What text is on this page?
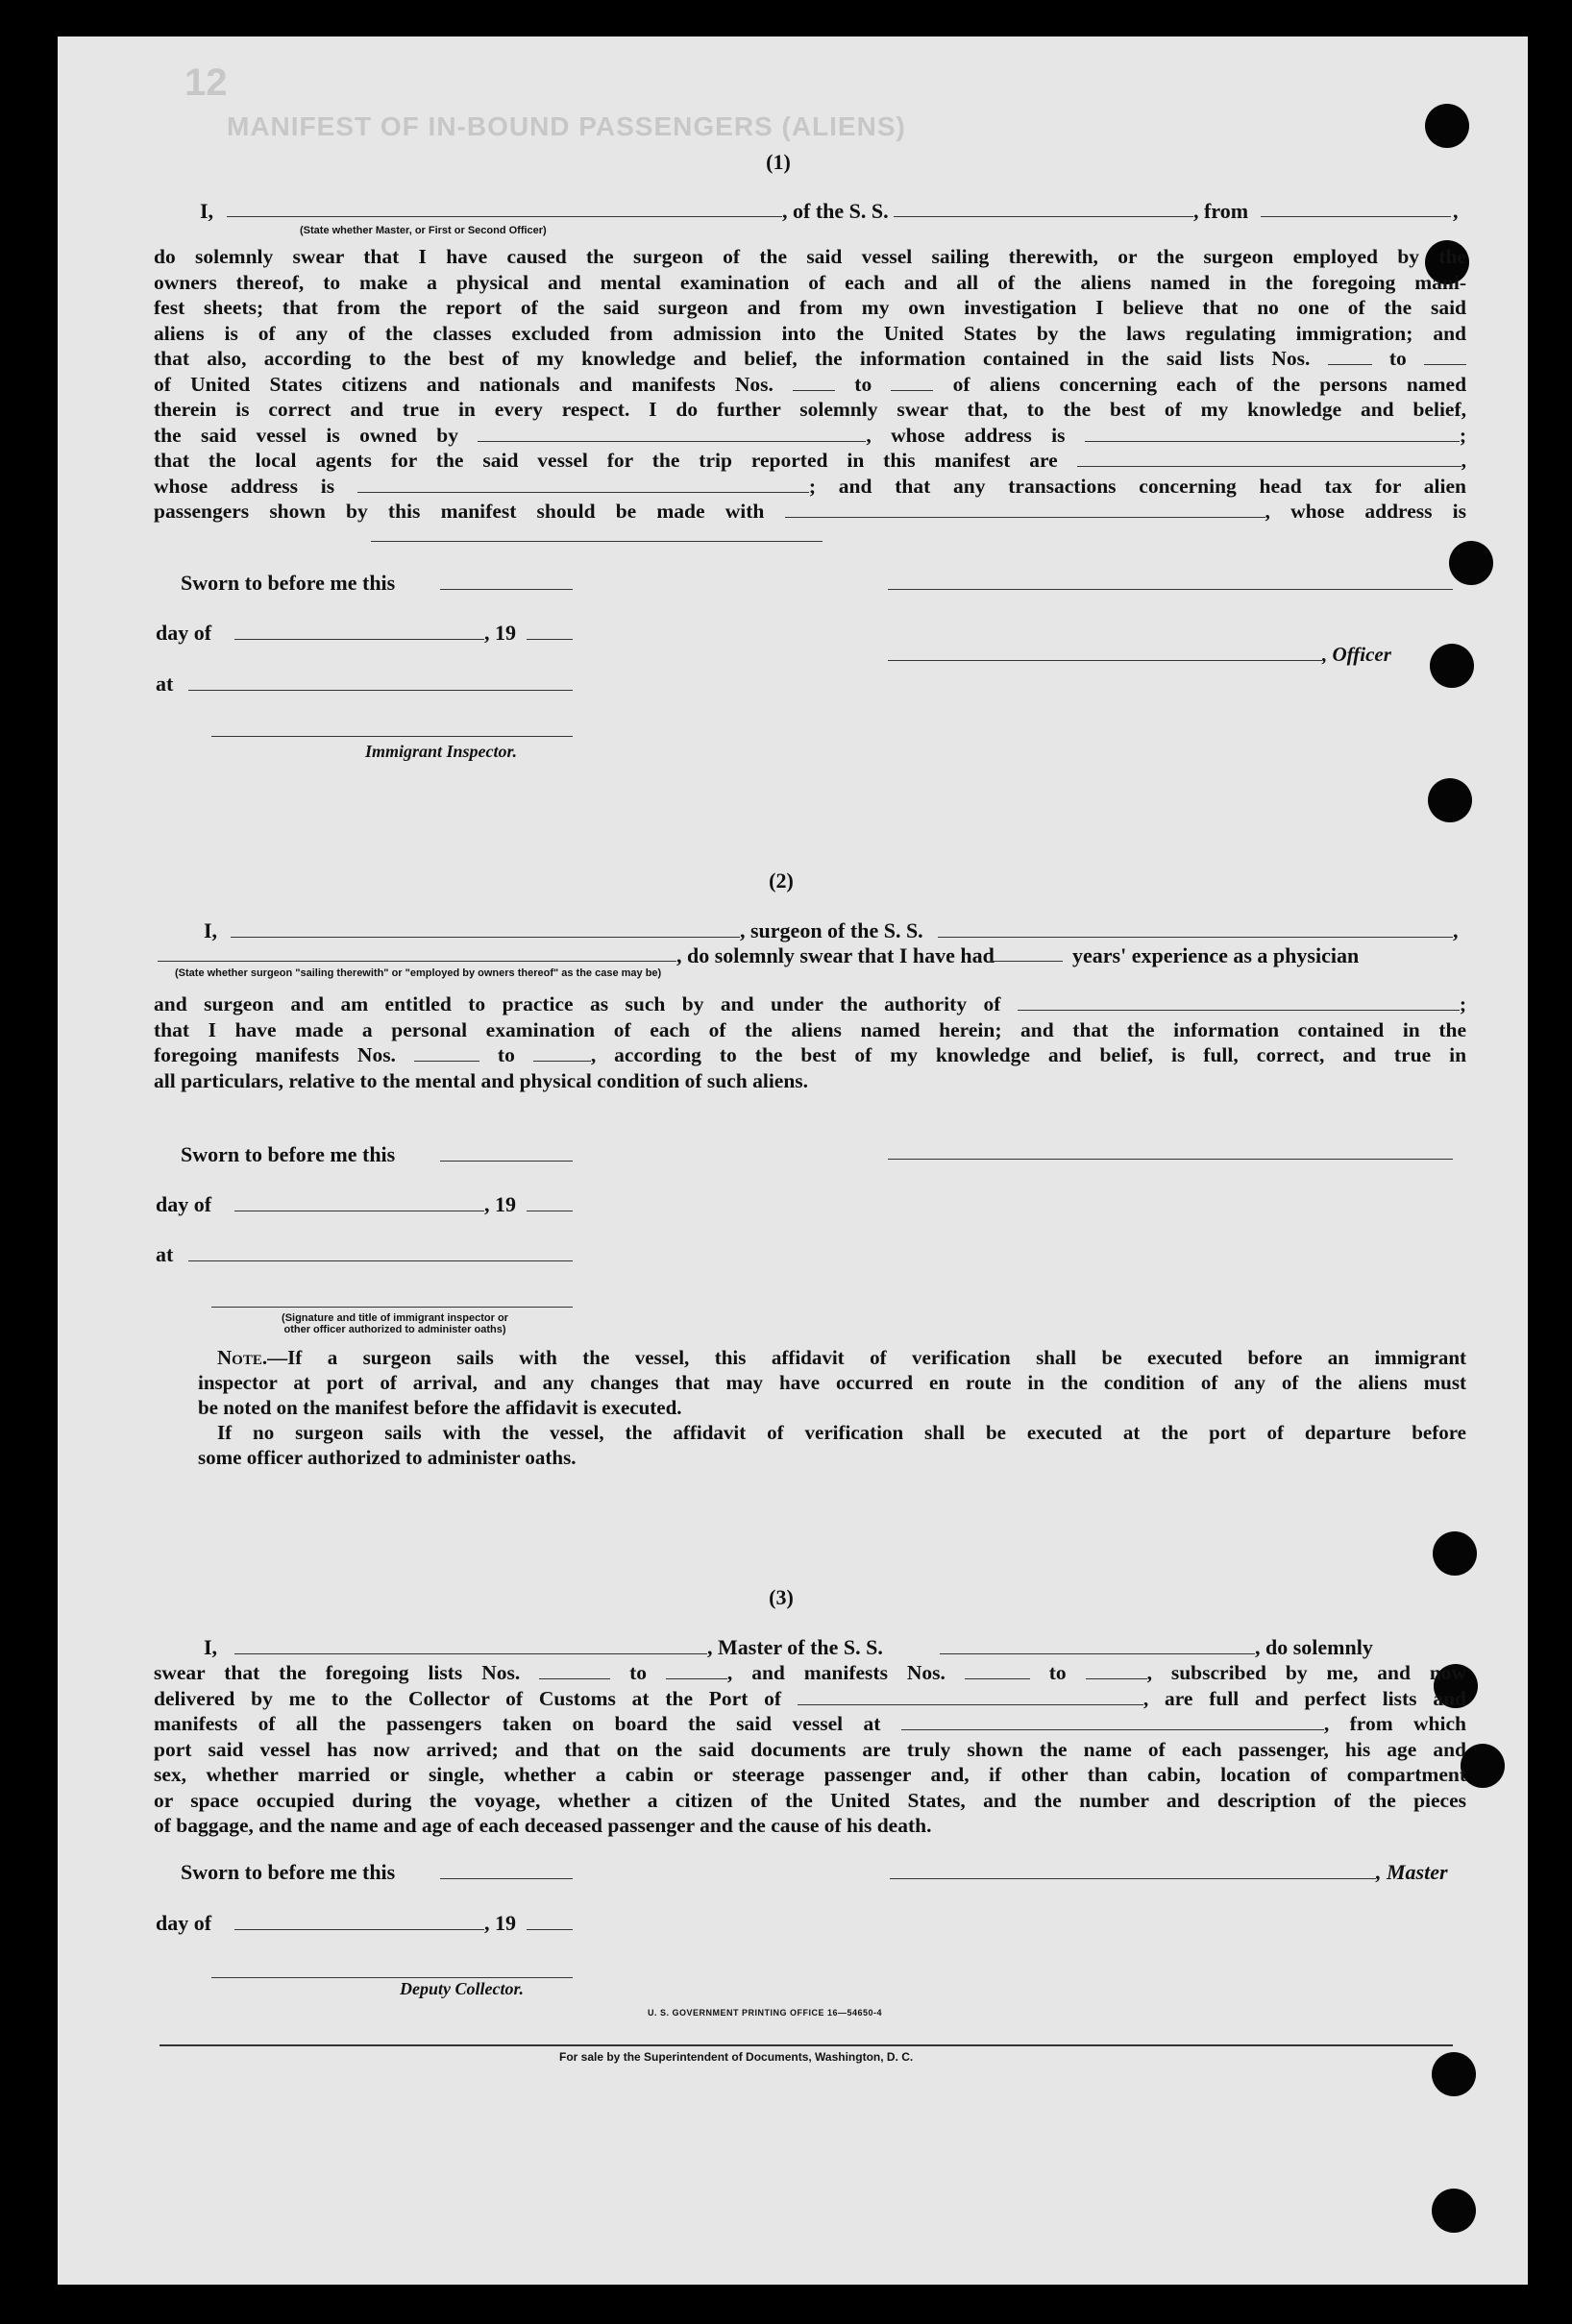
12
MANIFEST OF IN-BOUND PASSENGERS (ALIENS)
(1)
I,	, of the S. S.	, from	,
(State whether Master, or First or Second Officer)
do solemnly swear that I have caused the surgeon of the said vessel sailing therewith, or the surgeon employed by the
owners thereof, to make a physical and mental examination of each and all of the aliens named in the foregoing mani-
fest sheets; that from the report of the said surgeon and from my own investigation I believe that no one of the said
aliens is of any of the classes excluded from admission into the United States by the laws regulating immigration; and
that also, according to the best of my knowledge and belief, the information contained in the said lists Nos.	to
of United States citizens and nationals and manifests Nos.	to	of aliens concerning each of the persons named
therein is correct and true in every respect. I do further solemnly swear that, to the best of my knowledge and belief,
the said vessel is owned by	, whose address is	;
that the local agents for the said vessel for the trip reported in this manifest are	,
whose address is	; and that any transactions concerning head tax for alien
passengers shown by this manifest should be made with	, whose address is
Sworn to before me this
day of	, 19
, Officer
at
Immigrant Inspector.
(2)
I,	, surgeon of the S. S.	,
, do solemnly swear that I have had	years' experience as a physician
(State whether surgeon "sailing therewith" or "employed by owners thereof" as the case may be)
and surgeon and am entitled to practice as such by and under the authority of	;
that I have made a personal examination of each of the aliens named herein; and that the information contained in the
foregoing manifests Nos.	to	, according to the best of my knowledge and belief, is full, correct, and true in
all particulars, relative to the mental and physical condition of such aliens.
Sworn to before me this
day of	, 19
at
(Signature and title of immigrant inspector or
other officer authorized to administer oaths)
Note.—If a surgeon sails with the vessel, this affidavit of verification shall be executed before an immigrant
inspector at port of arrival, and any changes that may have occurred en route in the condition of any of the aliens must
be noted on the manifest before the affidavit is executed.
If no surgeon sails with the vessel, the affidavit of verification shall be executed at the port of departure before
some officer authorized to administer oaths.
(3)
I,	, Master of the S. S.	, do solemnly
swear that the foregoing lists Nos.	to	, and manifests Nos.	to	, subscribed by me, and now
delivered by me to the Collector of Customs at the Port of	, are full and perfect lists and
manifests of all the passengers taken on board the said vessel at	, from which
port said vessel has now arrived; and that on the said documents are truly shown the name of each passenger, his age and
sex, whether married or single, whether a cabin or steerage passenger and, if other than cabin, location of compartment
or space occupied during the voyage, whether a citizen of the United States, and the number and description of the pieces
of baggage, and the name and age of each deceased passenger and the cause of his death.
Sworn to before me this	, Master
day of	, 19
Deputy Collector.
U. S. GOVERNMENT PRINTING OFFICE 16—54650-4
For sale by the Superintendent of Documents, Washington, D. C.
